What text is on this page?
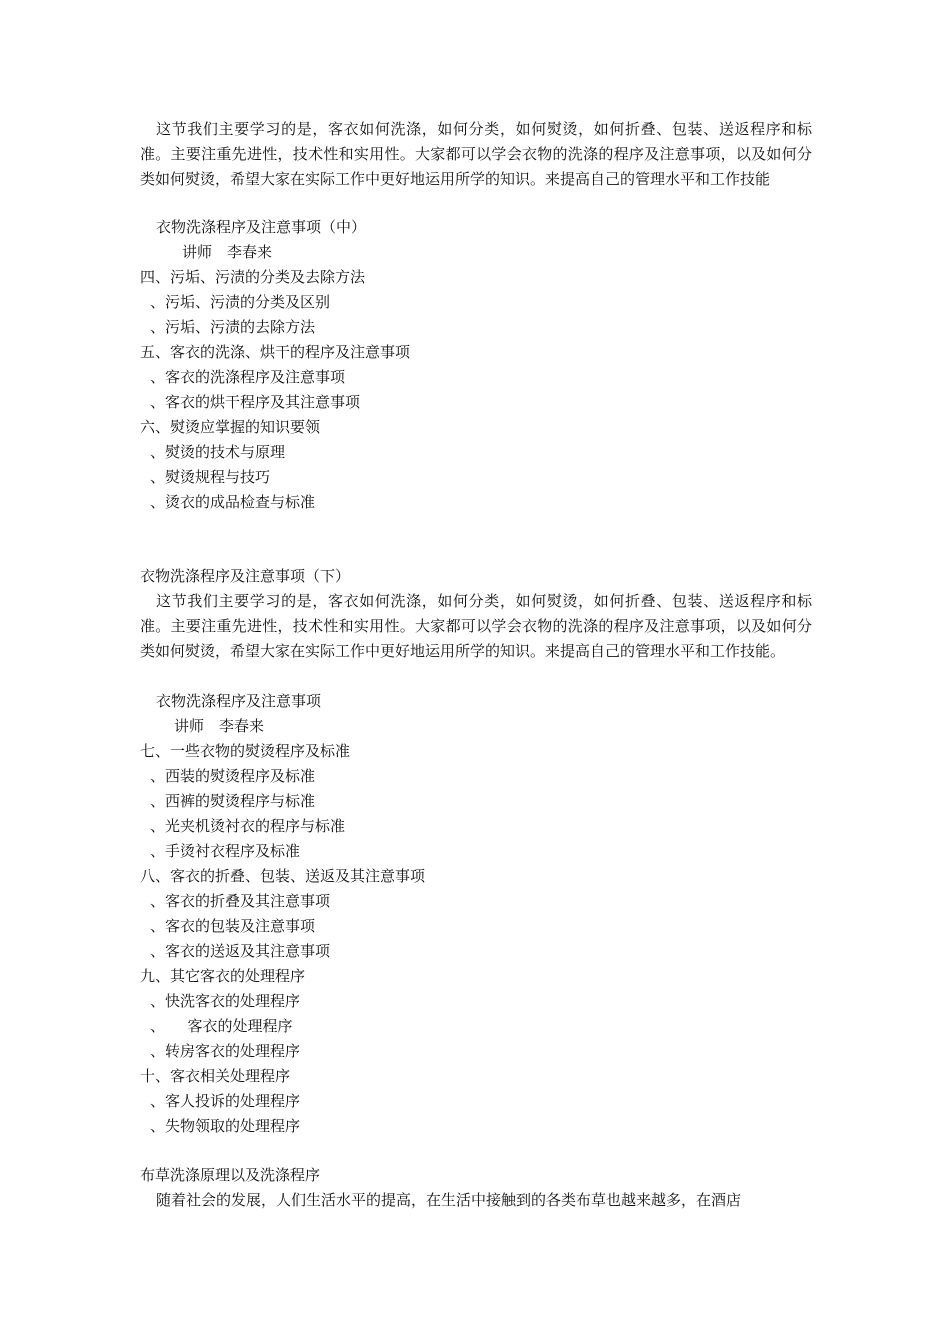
这节我们主要学习的是，客衣如何洗涤，如何分类，如何熨烫，如何折叠、包装、送返程序和标准。主要注重先进性，技术性和实用性。大家都可以学会衣物的洗涤的程序及注意事项，以及如何分类如何熨烫，希望大家在实际工作中更好地运用所学的知识。来提高自己的管理水平和工作技能
衣物洗涤程序及注意事项（中）
讲师　李春来
四、污垢、污渍的分类及去除方法
、污垢、污渍的分类及区别
、污垢、污渍的去除方法
五、客衣的洗涤、烘干的程序及注意事项
、客衣的洗涤程序及注意事项
、客衣的烘干程序及其注意事项
六、熨烫应掌握的知识要领
、熨烫的技术与原理
、熨烫规程与技巧
、烫衣的成品检查与标准
衣物洗涤程序及注意事项（下）
这节我们主要学习的是，客衣如何洗涤，如何分类，如何熨烫，如何折叠、包装、送返程序和标准。主要注重先进性，技术性和实用性。大家都可以学会衣物的洗涤的程序及注意事项，以及如何分类如何熨烫，希望大家在实际工作中更好地运用所学的知识。来提高自己的管理水平和工作技能。
衣物洗涤程序及注意事项
讲师　李春来
七、一些衣物的熨烫程序及标准
、西装的熨烫程序及标准
、西裤的熨烫程序与标准
、光夹机烫衬衣的程序与标准
、手烫衬衣程序及标准
八、客衣的折叠、包装、送返及其注意事项
、客衣的折叠及其注意事项
、客衣的包装及注意事项
、客衣的送返及其注意事项
九、其它客衣的处理程序
、快洗客衣的处理程序
、　　客衣的处理程序
、转房客衣的处理程序
十、客衣相关处理程序
、客人投诉的处理程序
、失物领取的处理程序
布草洗涤原理以及洗涤程序
随着社会的发展，人们生活水平的提高，在生活中接触到的各类布草也越来越多，在酒店
